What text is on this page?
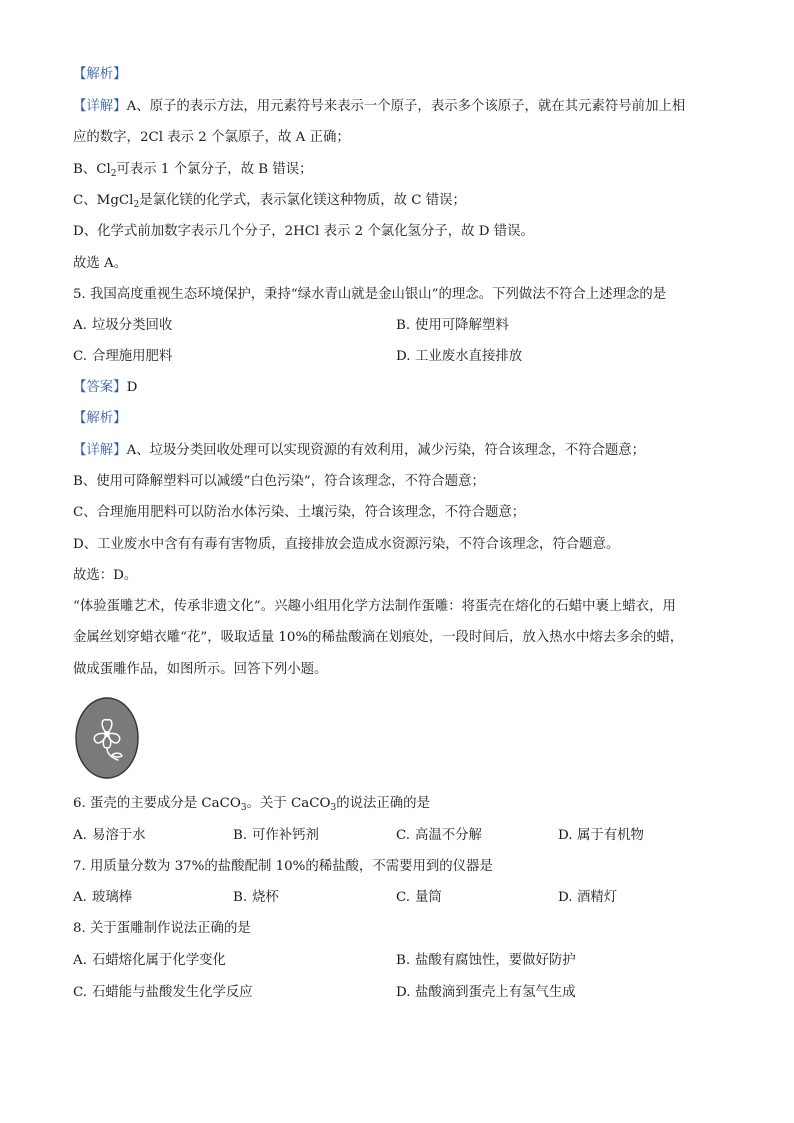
【解析】
【详解】A、原子的表示方法，用元素符号来表示一个原子，表示多个该原子，就在其元素符号前加上相
应的数字，2Cl 表示 2 个氯原子，故 A 正确；
B、$Cl_2$可表示 1 个氯分子，故 B 错误；
C、MgCl$_2$是氯化镁的化学式，表示氯化镁这种物质，故 C 错误；
D、化学式前加数字表示几个分子，2HCl 表示 2 个氯化氢分子，故 D 错误。
故选 A。
5. 我国高度重视生态环境保护，秉持“绿水青山就是金山银山”的理念。下列做法不符合上述理念的是
A. 垃圾分类回收	B. 使用可降解塑料
C. 合理施用肥料	D. 工业废水直接排放
【答案】D
【解析】
【详解】A、垃圾分类回收处理可以实现资源的有效利用，减少污染，符合该理念，不符合题意；
B、使用可降解塑料可以减缓“白色污染”，符合该理念，不符合题意；
C、合理施用肥料可以防治水体污染、土壤污染，符合该理念，不符合题意；
D、工业废水中含有有毒有害物质，直接排放会造成水资源污染，不符合该理念，符合题意。
故选：D。
“体验蛋雕艺术，传承非遗文化”。兴趣小组用化学方法制作蛋雕：将蛋壳在熔化的石蜡中裹上蜡衣，用
金属丝划穿蜡衣雕“花”，吸取适量 10%的稀盐酸滴在划痕处，一段时间后，放入热水中熔去多余的蜡，
做成蛋雕作品，如图所示。回答下列小题。
6. 蛋壳的主要成分是 CaCO$_3$。关于 CaCO$_3$的说法正确的是
A. 易溶于水	B. 可作补钙剂	C. 高温不分解	D. 属于有机物
7. 用质量分数为 37%的盐酸配制 10%的稀盐酸，不需要用到的仪器是
A. 玻璃棒	B. 烧杯	C. 量筒	D. 酒精灯
8. 关于蛋雕制作说法正确的是
A. 石蜡熔化属于化学变化	B. 盐酸有腐蚀性，要做好防护
C. 石蜡能与盐酸发生化学反应	D. 盐酸滴到蛋壳上有氢气生成
